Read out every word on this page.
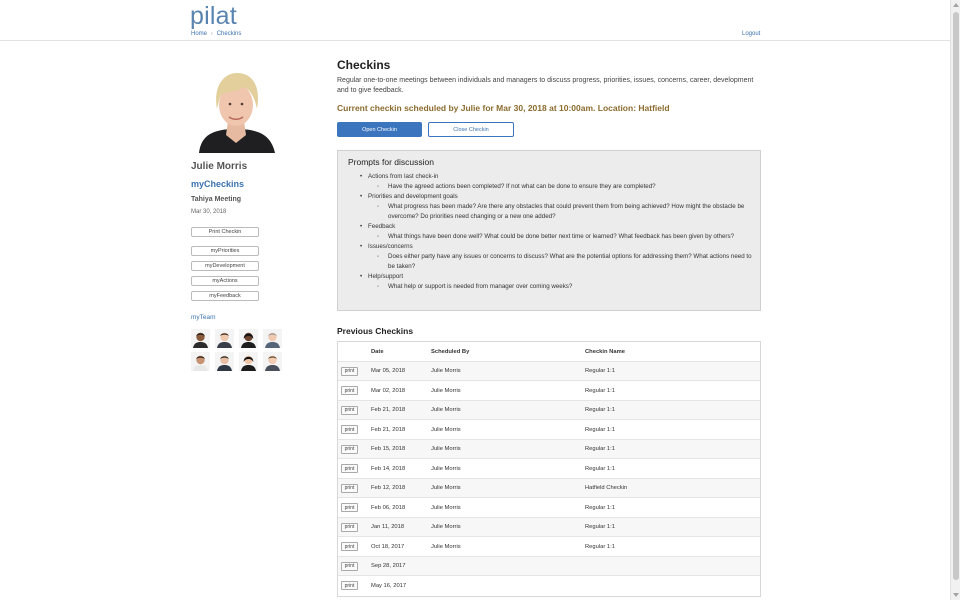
pilat
Home › Checkins	Logout
Julie Morris
myCheckins
Tahiya Meeting
Mar 30, 2018
Print Checkin
myPriorities
myDevelopment
myActions
myFeedback
myTeam
Checkins
Regular one-to-one meetings between individuals and managers to discuss progress, priorities, issues, concerns, career, development and to give feedback.
Current checkin scheduled by Julie for Mar 30, 2018 at 10:00am. Location: Hatfield
Open Checkin	Close Checkin
Prompts for discussion
• Actions from last check-in
◦ Have the agreed actions been completed? If not what can be done to ensure they are completed?
• Priorities and development goals
◦ What progress has been made? Are there any obstacles that could prevent them from being achieved? How might the obstacle be overcome? Do priorities need changing or a new one added?
• Feedback
◦ What things have been done well? What could be done better next time or learned? What feedback has been given by others?
• Issues/concerns
◦ Does either party have any issues or concerns to discuss? What are the potential options for addressing them? What actions need to be taken?
• Help/support
◦ What help or support is needed from manager over coming weeks?
Previous Checkins
Date	Scheduled By	Checkin Name
print	Mar 05, 2018	Julie Morris	Regular 1:1
print	Mar 02, 2018	Julie Morris	Regular 1:1
print	Feb 21, 2018	Julie Morris	Regular 1:1
print	Feb 21, 2018	Julie Morris	Regular 1:1
print	Feb 15, 2018	Julie Morris	Regular 1:1
print	Feb 14, 2018	Julie Morris	Regular 1:1
print	Feb 12, 2018	Julie Morris	Hatfield Checkin
print	Feb 06, 2018	Julie Morris	Regular 1:1
print	Jan 11, 2018	Julie Morris	Regular 1:1
print	Oct 18, 2017	Julie Morris	Regular 1:1
print	Sep 28, 2017
print	May 16, 2017
